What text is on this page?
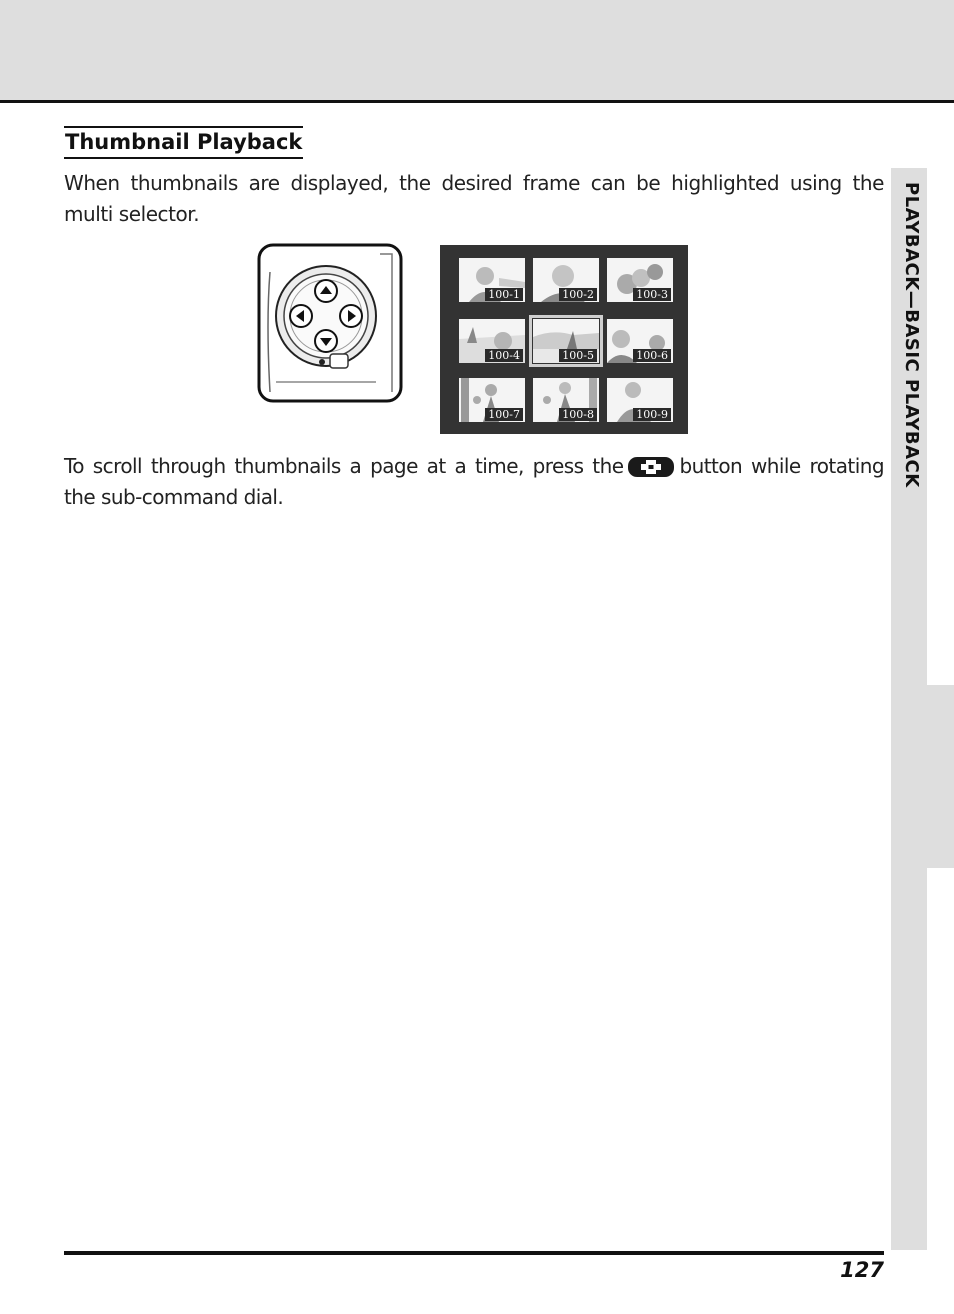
PLAYBACK—BASIC PLAYBACK
Thumbnail Playback

When thumbnails are displayed, the desired frame can be highlighted using the multi selector.

100-1	100-2	100-3
100-4	100-5	100-6
100-7	100-8	100-9

To scroll through thumbnails a page at a time, press the	button while rotating the sub-command dial.

127
